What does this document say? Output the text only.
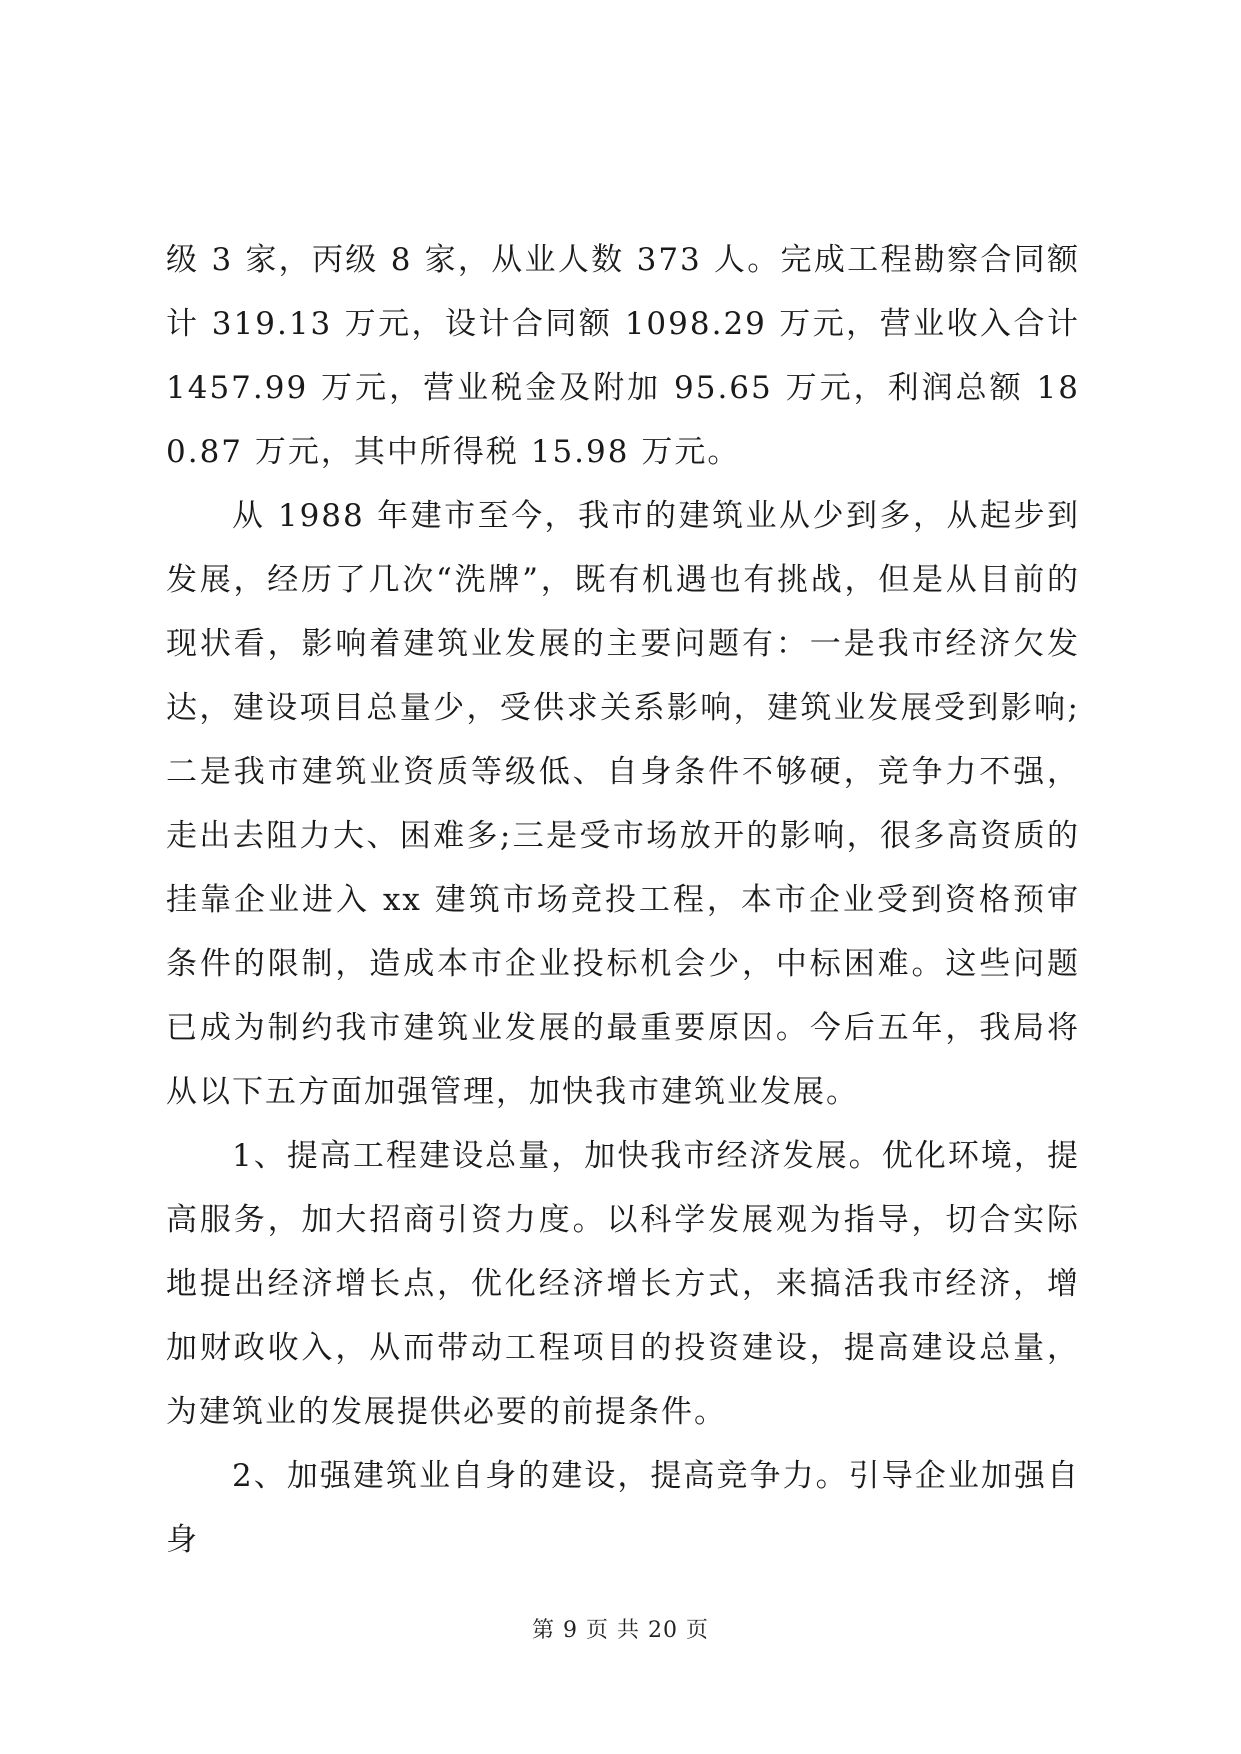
级 3 家，丙级 8 家，从业人数 373 人。完成工程勘察合同额计 319.13 万元，设计合同额 1098.29 万元，营业收入合计 1457.99 万元，营业税金及附加 95.65 万元，利润总额 180.87 万元，其中所得税 15.98 万元。

从 1988 年建市至今，我市的建筑业从少到多，从起步到发展，经历了几次“洗牌”，既有机遇也有挑战，但是从目前的现状看，影响着建筑业发展的主要问题有：一是我市经济欠发达，建设项目总量少，受供求关系影响，建筑业发展受到影响;二是我市建筑业资质等级低、自身条件不够硬，竞争力不强，走出去阻力大、困难多;三是受市场放开的影响，很多高资质的挂靠企业进入 xx 建筑市场竞投工程，本市企业受到资格预审条件的限制，造成本市企业投标机会少，中标困难。这些问题已成为制约我市建筑业发展的最重要原因。今后五年，我局将从以下五方面加强管理，加快我市建筑业发展。

1、提高工程建设总量，加快我市经济发展。优化环境，提高服务，加大招商引资力度。以科学发展观为指导，切合实际地提出经济增长点，优化经济增长方式，来搞活我市经济，增加财政收入，从而带动工程项目的投资建设，提高建设总量，为建筑业的发展提供必要的前提条件。

2、加强建筑业自身的建设，提高竞争力。引导企业加强自身

第 9 页 共 20 页
